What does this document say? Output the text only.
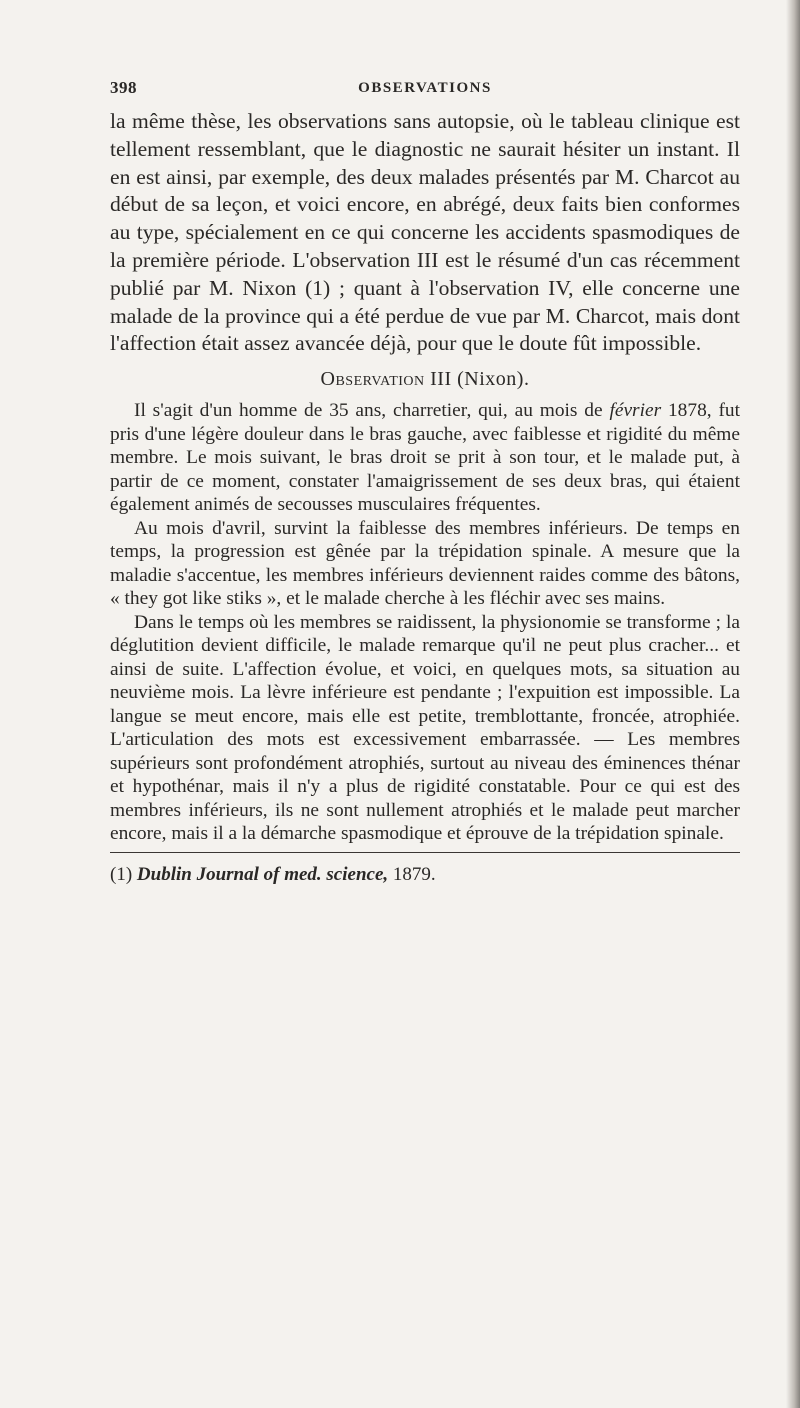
398	OBSERVATIONS

la même thèse, les observations sans autopsie, où le tableau clinique est tellement ressemblant, que le diagnostic ne saurait hésiter un instant. Il en est ainsi, par exemple, des deux malades présentés par M. Charcot au début de sa leçon, et voici encore, en abrégé, deux faits bien conformes au type, spécialement en ce qui concerne les accidents spasmodiques de la première période. L'observation III est le résumé d'un cas récemment publié par M. Nixon (1) ; quant à l'observation IV, elle concerne une malade de la province qui a été perdue de vue par M. Charcot, mais dont l'affection était assez avancée déjà, pour que le doute fût impossible.

Observation III (Nixon).

Il s'agit d'un homme de 35 ans, charretier, qui, au mois de février 1878, fut pris d'une légère douleur dans le bras gauche, avec faiblesse et rigidité du même membre. Le mois suivant, le bras droit se prit à son tour, et le malade put, à partir de ce moment, constater l'amaigrissement de ses deux bras, qui étaient également animés de secousses musculaires fréquentes.

Au mois d'avril, survint la faiblesse des membres inférieurs. De temps en temps, la progression est gênée par la trépidation spinale. A mesure que la maladie s'accentue, les membres inférieurs deviennent raides comme des bâtons, « they got like stiks », et le malade cherche à les fléchir avec ses mains.

Dans le temps où les membres se raidissent, la physionomie se transforme ; la déglutition devient difficile, le malade remarque qu'il ne peut plus cracher... et ainsi de suite. L'affection évolue, et voici, en quelques mots, sa situation au neuvième mois. La lèvre inférieure est pendante ; l'expuition est impossible. La langue se meut encore, mais elle est petite, tremblottante, froncée, atrophiée. L'articulation des mots est excessivement embarrassée. — Les membres supérieurs sont profondément atrophiés, surtout au niveau des éminences thénar et hypothénar, mais il n'y a plus de rigidité constatable. Pour ce qui est des membres inférieurs, ils ne sont nullement atrophiés et le malade peut marcher encore, mais il a la démarche spasmodique et éprouve de la trépidation spinale.

(1) Dublin Journal of med. science, 1879.
